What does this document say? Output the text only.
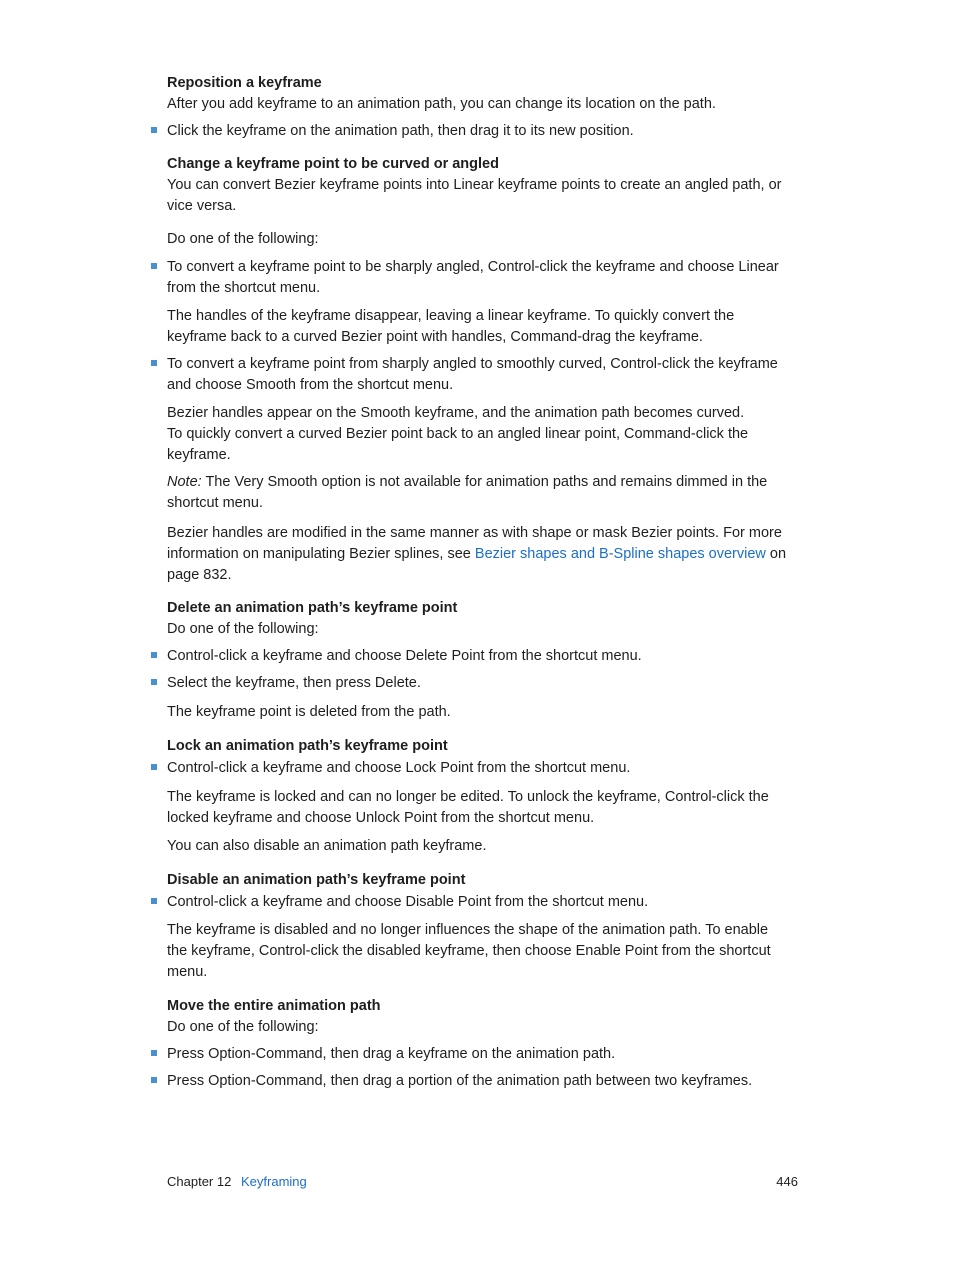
Reposition a keyframe
After you add keyframe to an animation path, you can change its location on the path.
Click the keyframe on the animation path, then drag it to its new position.
Change a keyframe point to be curved or angled
You can convert Bezier keyframe points into Linear keyframe points to create an angled path, or vice versa.
Do one of the following:
To convert a keyframe point to be sharply angled, Control-click the keyframe and choose Linear from the shortcut menu.
The handles of the keyframe disappear, leaving a linear keyframe. To quickly convert the keyframe back to a curved Bezier point with handles, Command-drag the keyframe.
To convert a keyframe point from sharply angled to smoothly curved, Control-click the keyframe and choose Smooth from the shortcut menu.
Bezier handles appear on the Smooth keyframe, and the animation path becomes curved. To quickly convert a curved Bezier point back to an angled linear point, Command-click the keyframe.
Note: The Very Smooth option is not available for animation paths and remains dimmed in the shortcut menu.
Bezier handles are modified in the same manner as with shape or mask Bezier points. For more information on manipulating Bezier splines, see Bezier shapes and B-Spline shapes overview on page 832.
Delete an animation path’s keyframe point
Do one of the following:
Control-click a keyframe and choose Delete Point from the shortcut menu.
Select the keyframe, then press Delete.
The keyframe point is deleted from the path.
Lock an animation path’s keyframe point
Control-click a keyframe and choose Lock Point from the shortcut menu.
The keyframe is locked and can no longer be edited. To unlock the keyframe, Control-click the locked keyframe and choose Unlock Point from the shortcut menu.
You can also disable an animation path keyframe.
Disable an animation path’s keyframe point
Control-click a keyframe and choose Disable Point from the shortcut menu.
The keyframe is disabled and no longer influences the shape of the animation path. To enable the keyframe, Control-click the disabled keyframe, then choose Enable Point from the shortcut menu.
Move the entire animation path
Do one of the following:
Press Option-Command, then drag a keyframe on the animation path.
Press Option-Command, then drag a portion of the animation path between two keyframes.
Chapter 12 Keyframing	446
